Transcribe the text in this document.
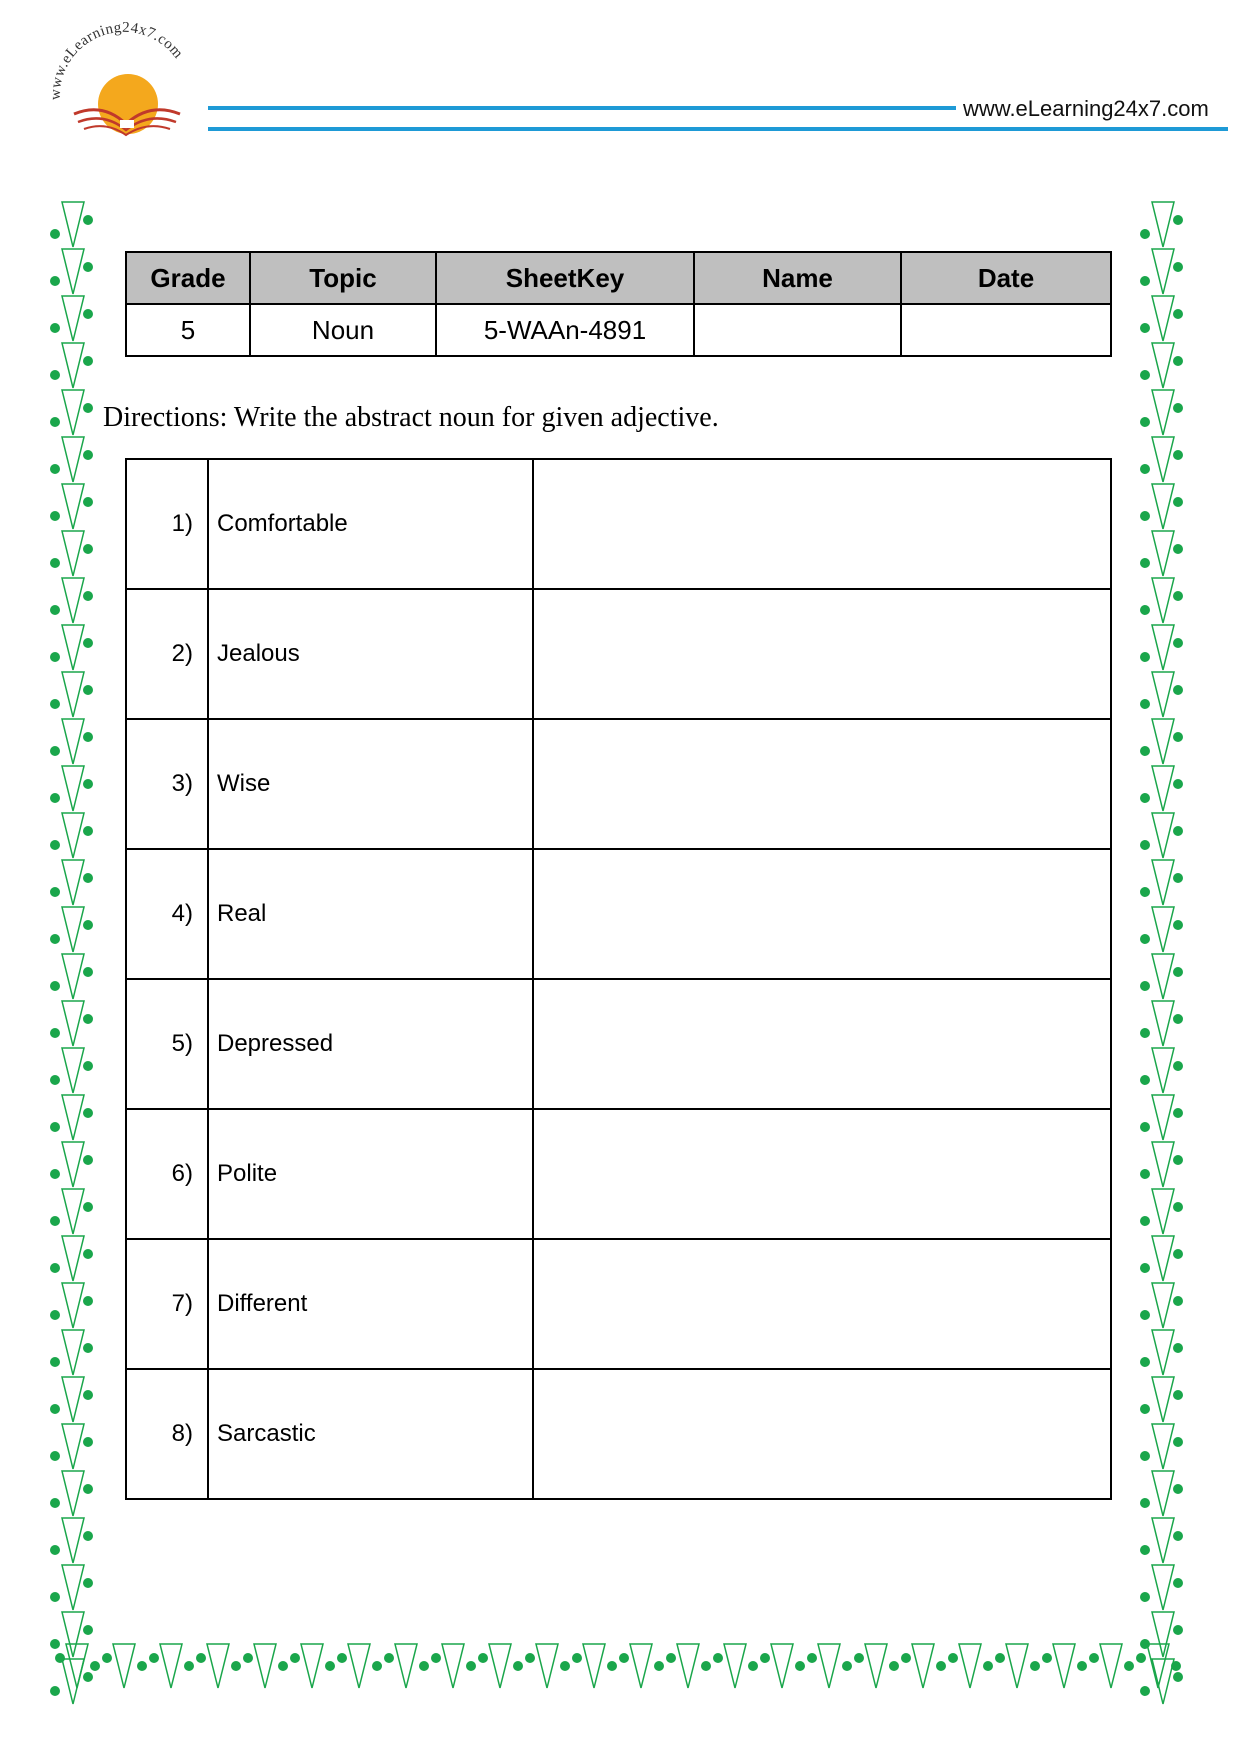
www.eLearning24x7.com
www.eLearning24x7.com
Grade	Topic	SheetKey	Name	Date
5	Noun	5-WAAn-4891		
Directions: Write the abstract noun for given adjective.
1)	Comfortable	
2)	Jealous	
3)	Wise	
4)	Real	
5)	Depressed	
6)	Polite	
7)	Different	
8)	Sarcastic	
